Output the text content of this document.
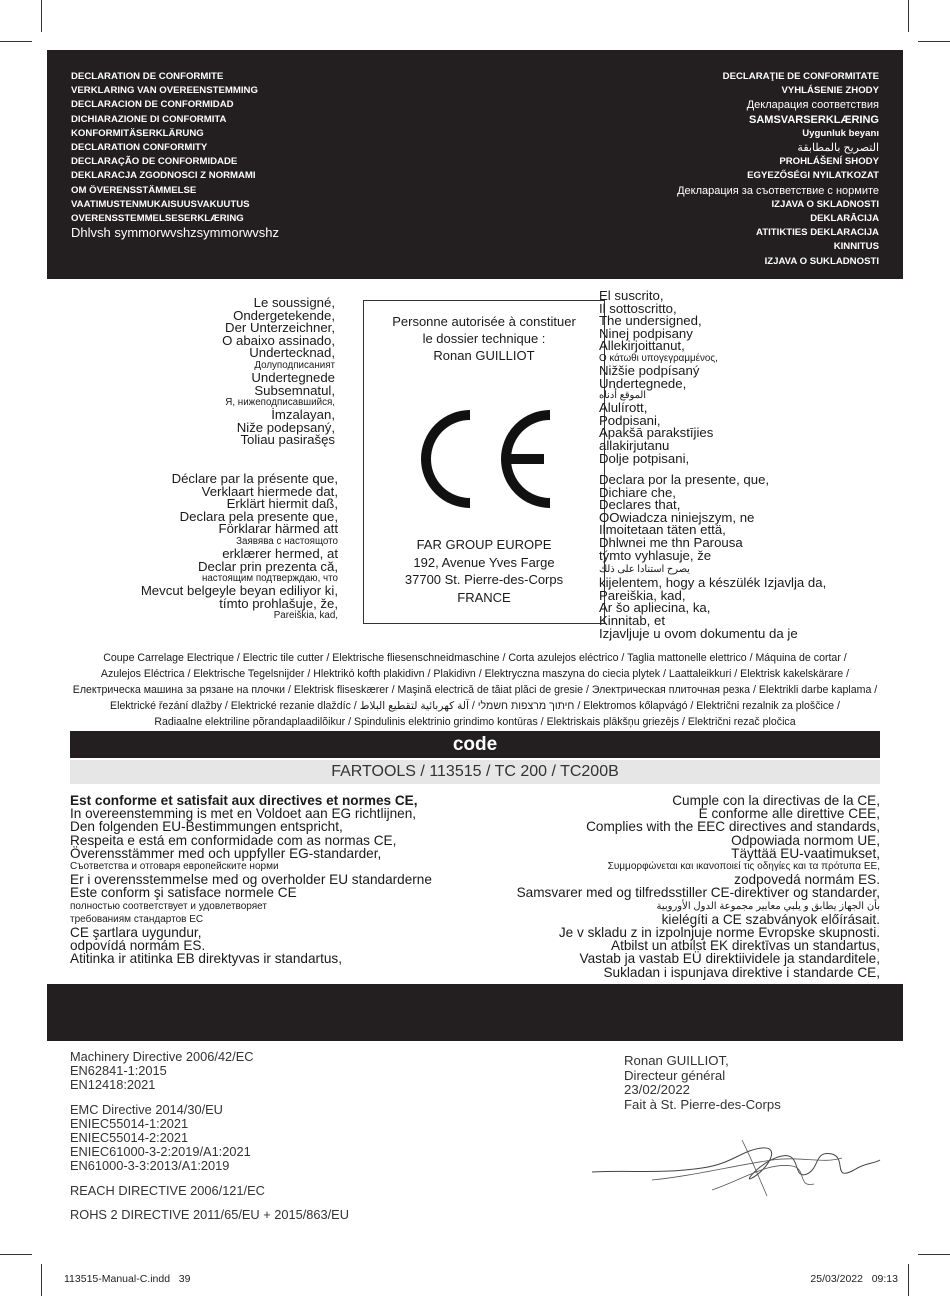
DECLARATION DE CONFORMITE
VERKLARING VAN OVEREENSTEMMING
DECLARACION DE CONFORMIDAD
DICHIARAZIONE DI CONFORMITA
KONFORMITÄSERKLÄRUNG
DECLARATION CONFORMITY
DECLARAÇÃO DE CONFORMIDADE
DEKLARACJA ZGODNOSCI Z NORMAMI
OM ÖVERENSSTÄMMELSE
VAATIMUSTENMUKAISUUSVAKUUTUS
OVERENSSTEMMELSESERKLÆRING
Dhlvsh symmorwvshzsymmorwvshz
DECLARAŢIE DE CONFORMITATE
VYHLÁSENIE ZHODY
Декларация соответствия
SAMSVARSERKLÆRING
Uygunluk beyanı
التصريح بالمطابقة
PROHLÁŠENÍ SHODY
EGYEZŐSÉGI NYILATKOZAT
Декларация за съответствие с нормите
IZJAVA O SKLADNOSTI
DEKLARĀCIJA
ATITIKTIES DEKLARACIJA
KINNITUS
IZJAVA O SUKLADNOSTI
Le soussigné,
Ondergetekende,
Der Unterzeichner,
O abaixo assinado,
Undertecknad,
Долуподписаният
Undertegnede
Subsemnatul,
Я, нижеподписавшийся,
İmzalayan,
Niže podepsaný,
Toliau pasirašęs
Déclare par la présente que,
Verklaart hiermede dat,
Erklärt hiermit daß,
Declara pela presente que,
Förklarar härmed att
Заявява с настоящото
erklærer hermed, at
Declar prin prezenta că,
настоящим подтверждаю, что
Mevcut belgeyle beyan ediliyor ki,
tímto prohlašuje, že,
Pareiškia, kad,
Personne autorisée à constituer
le dossier technique :
Ronan GUILLIOT
FAR GROUP EUROPE
192, Avenue Yves Farge
37700 St. Pierre-des-Corps
FRANCE
El suscrito,
Il sottoscritto,
The undersigned,
Ninej podpisany
Allekirjoittanut,
Ο κάτωθι υπογεγραμμένος,
Nižšie podpísaný
Undertegnede,
الموقع أدناه
Alulírott,
Podpisani,
Apakšā parakstījies
allakirjutanu
Dolje potpisani,
Declara por la presente, que,
Dichiare che,
Declares that,
OOwiadcza niniejszym, ne
Ilmoitetaan täten että,
Dhlwnei me thn Parousa
týmto vyhlasuje, že
يصرح استنادا على ذلك
kijelentem, hogy a készülék Izjavlja da,
Pareiškia, kad,
Ar šo apliecina, ka,
Kinnitab, et
Izjavljuje u ovom dokumentu da je
Coupe Carrelage Electrique / Electric tile cutter / Elektrische fliesenschneidmaschine / Corta azulejos eléctrico / Taglia mattonelle elettrico / Máquina de cortar /
Azulejos Eléctrica / Elektrische Tegelsnijder / Hlektrikó kofth plakidivn / Plakidivn / Elektryczna maszyna do ciecia plytek / Laattaleikkuri / Elektrisk kakelskärare /
Електрическа машина за рязане на плочки / Elektrisk fliseskærer / Maşină electrică de tăiat plăci de gresie / Электрическая плиточная резка / Elektrikli darbe kaplama /
Elektrické řezání dlažby / Elektrické rezanie dlaždíc / חיתוך מרצפות חשמלי / آلة كهربائية لتقطيع البلاط / Elektromos kőlapvágó / Električni rezalnik za ploščice /
Radiaalne elektriline põrandaplaadilõikur / Spindulinis elektrinio grindimo kontūras / Elektriskais plākšņu griezējs / Električni rezač pločica
code
FARTOOLS / 113515 / TC 200 / TC200B
Est conforme et satisfait aux directives et normes CE,
In overeenstemming is met en Voldoet aan EG richtlijnen,
Den folgenden EU-Bestimmungen entspricht,
Respeita e está em conformidade com as normas CE,
Överensstämmer med och uppfyller EG-standarder,
Съответства и отговаря европейските норми
Er i overensstemmelse med og overholder EU standarderne
Este conform şi satisface normele CE
полностью соответствует и удовлетворяет
требованиям стандартов ЕС
CE şartlara uygundur,
odpovídá normám ES.
Atitinka ir atitinka EB direktyvas ir standartus,
Cumple con la directivas de la CE,
E conforme alle direttive CEE,
Complies with the EEC directives and standards,
Odpowiada normom UE,
Täyttää EU-vaatimukset,
Συμμορφώνεται και ικανοποιεί τις οδηγίες και τα πρότυπα ΕΕ,
zodpovedá normám ES.
Samsvarer med og tilfredsstiller CE-direktiver og standarder,
بأن الجهاز يطابق و يلبي معايير مجموعة الدول الأوروبية
kielégíti a CE szabványok előírásait.
Je v skladu z in izpolnjuje norme Evropske skupnosti.
Atbilst un atbilst EK direktīvas un standartus,
Vastab ja vastab EÜ direktiividele ja standarditele,
Sukladan i ispunjava direktive i standarde CE,
Machinery Directive 2006/42/EC
EN62841-1:2015
EN12418:2021
EMC Directive 2014/30/EU
ENIEC55014-1:2021
ENIEC55014-2:2021
ENIEC61000-3-2:2019/A1:2021
EN61000-3-3:2013/A1:2019
REACH DIRECTIVE 2006/121/EC
ROHS 2 DIRECTIVE 2011/65/EU + 2015/863/EU
Ronan GUILLIOT,
Directeur général
23/02/2022
Fait à St. Pierre-des-Corps
113515-Manual-C.indd   39	25/03/2022   09:13
